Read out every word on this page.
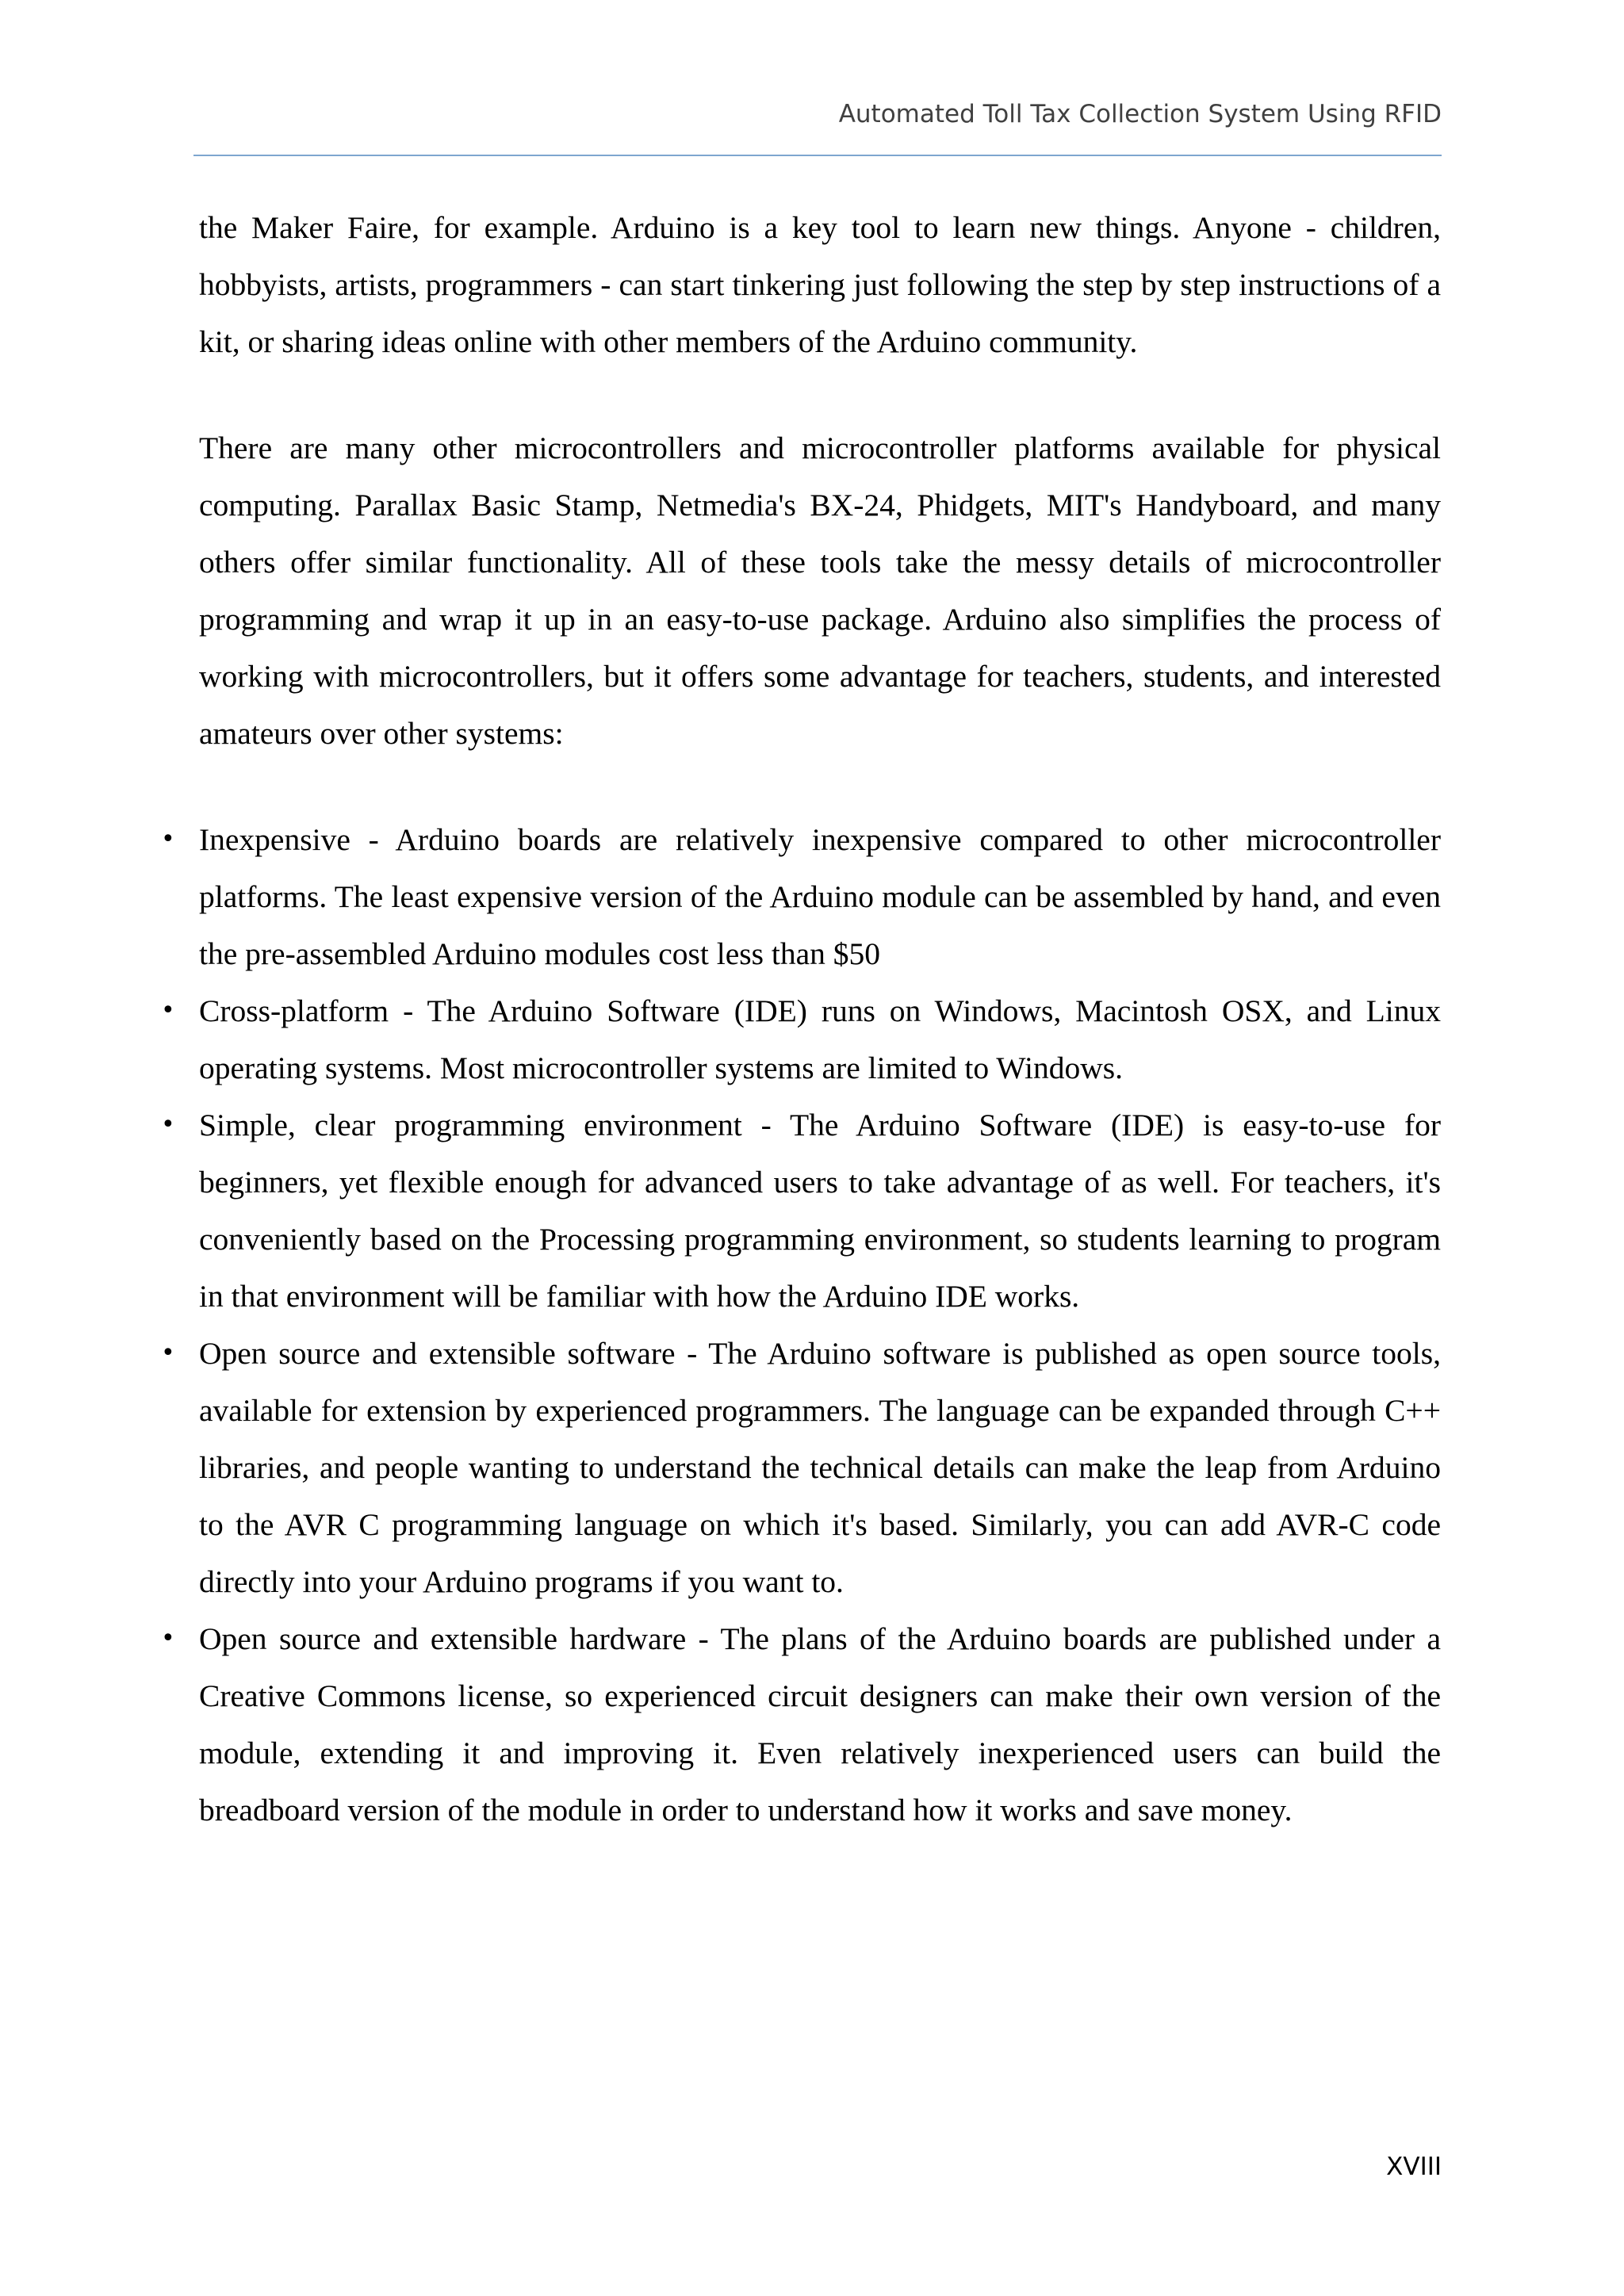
Automated Toll Tax Collection System Using RFID

the Maker Faire, for example. Arduino is a key tool to learn new things. Anyone - children, hobbyists, artists, programmers - can start tinkering just following the step by step instructions of a kit, or sharing ideas online with other members of the Arduino community.

There are many other microcontrollers and microcontroller platforms available for physical computing. Parallax Basic Stamp, Netmedia's BX-24, Phidgets, MIT's Handyboard, and many others offer similar functionality. All of these tools take the messy details of microcontroller programming and wrap it up in an easy-to-use package. Arduino also simplifies the process of working with microcontrollers, but it offers some advantage for teachers, students, and interested amateurs over other systems:

• Inexpensive - Arduino boards are relatively inexpensive compared to other microcontroller platforms. The least expensive version of the Arduino module can be assembled by hand, and even the pre-assembled Arduino modules cost less than $50
• Cross-platform - The Arduino Software (IDE) runs on Windows, Macintosh OSX, and Linux operating systems. Most microcontroller systems are limited to Windows.
• Simple, clear programming environment - The Arduino Software (IDE) is easy-to-use for beginners, yet flexible enough for advanced users to take advantage of as well. For teachers, it's conveniently based on the Processing programming environment, so students learning to program in that environment will be familiar with how the Arduino IDE works.
• Open source and extensible software - The Arduino software is published as open source tools, available for extension by experienced programmers. The language can be expanded through C++ libraries, and people wanting to understand the technical details can make the leap from Arduino to the AVR C programming language on which it's based. Similarly, you can add AVR-C code directly into your Arduino programs if you want to.
• Open source and extensible hardware - The plans of the Arduino boards are published under a Creative Commons license, so experienced circuit designers can make their own version of the module, extending it and improving it. Even relatively inexperienced users can build the breadboard version of the module in order to understand how it works and save money.
XVIII
